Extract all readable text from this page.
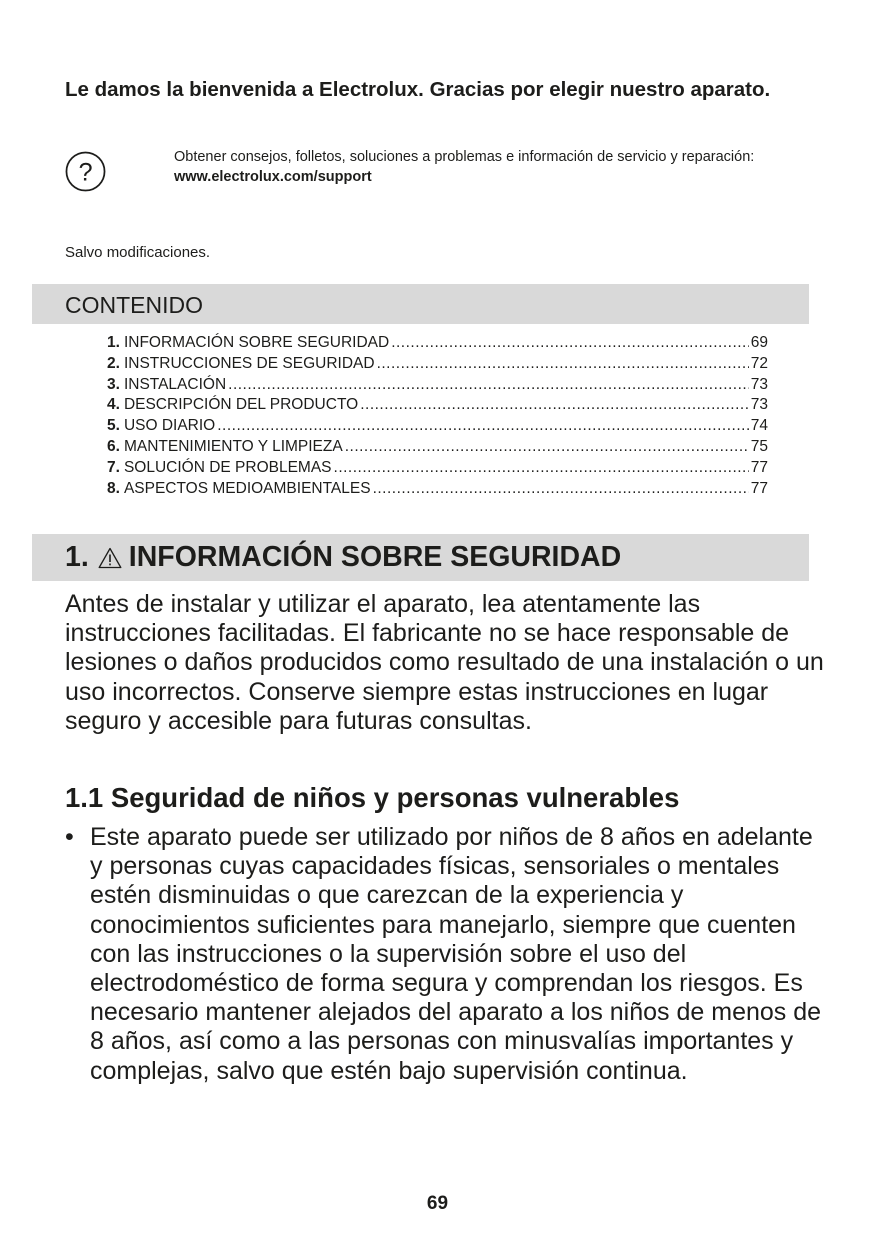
Le damos la bienvenida a Electrolux. Gracias por elegir nuestro aparato.
?
Obtener consejos, folletos, soluciones a problemas e información de servicio y reparación:
www.electrolux.com/support
Salvo modificaciones.
CONTENIDO
1. INFORMACIÓN SOBRE SEGURIDAD .....	69
2. INSTRUCCIONES DE SEGURIDAD .....	72
3. INSTALACIÓN .....	73
4. DESCRIPCIÓN DEL PRODUCTO .....	73
5. USO DIARIO .....	74
6. MANTENIMIENTO Y LIMPIEZA .....	75
7. SOLUCIÓN DE PROBLEMAS .....	77
8. ASPECTOS MEDIOAMBIENTALES .....	77
1. INFORMACIÓN SOBRE SEGURIDAD

Antes de instalar y utilizar el aparato, lea atentamente las instrucciones facilitadas. El fabricante no se hace responsable de lesiones o daños producidos como resultado de una instalación o un uso incorrectos. Conserve siempre estas instrucciones en lugar seguro y accesible para futuras consultas.

1.1 Seguridad de niños y personas vulnerables
• Este aparato puede ser utilizado por niños de 8 años en adelante y personas cuyas capacidades físicas, sensoriales o mentales estén disminuidas o que carezcan de la experiencia y conocimientos suficientes para manejarlo, siempre que cuenten con las instrucciones o la supervisión sobre el uso del electrodoméstico de forma segura y comprendan los riesgos. Es necesario mantener alejados del aparato a los niños de menos de 8 años, así como a las personas con minusvalías importantes y complejas, salvo que estén bajo supervisión continua.
69
